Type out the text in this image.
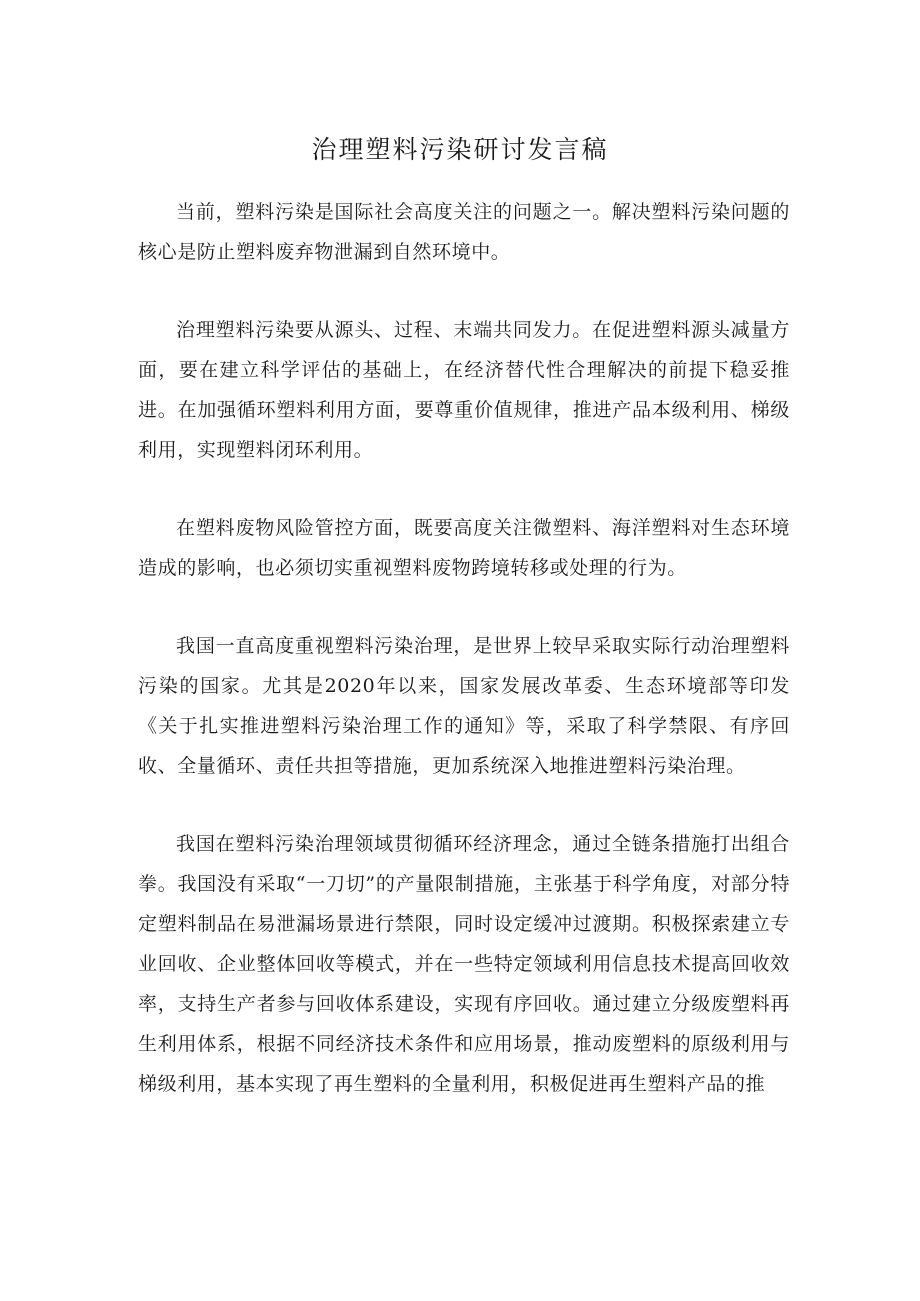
治理塑料污染研讨发言稿

当前，塑料污染是国际社会高度关注的问题之一。解决塑料污染问题的核心是防止塑料废弃物泄漏到自然环境中。

治理塑料污染要从源头、过程、末端共同发力。在促进塑料源头减量方面，要在建立科学评估的基础上，在经济替代性合理解决的前提下稳妥推进。在加强循环塑料利用方面，要尊重价值规律，推进产品本级利用、梯级利用，实现塑料闭环利用。

在塑料废物风险管控方面，既要高度关注微塑料、海洋塑料对生态环境造成的影响，也必须切实重视塑料废物跨境转移或处理的行为。

我国一直高度重视塑料污染治理，是世界上较早采取实际行动治理塑料污染的国家。尤其是2020年以来，国家发展改革委、生态环境部等印发《关于扎实推进塑料污染治理工作的通知》等，采取了科学禁限、有序回收、全量循环、责任共担等措施，更加系统深入地推进塑料污染治理。

我国在塑料污染治理领域贯彻循环经济理念，通过全链条措施打出组合拳。我国没有采取“一刀切”的产量限制措施，主张基于科学角度，对部分特定塑料制品在易泄漏场景进行禁限，同时设定缓冲过渡期。积极探索建立专业回收、企业整体回收等模式，并在一些特定领域利用信息技术提高回收效率，支持生产者参与回收体系建设，实现有序回收。通过建立分级废塑料再生利用体系，根据不同经济技术条件和应用场景，推动废塑料的原级利用与梯级利用，基本实现了再生塑料的全量利用，积极促进再生塑料产品的推
